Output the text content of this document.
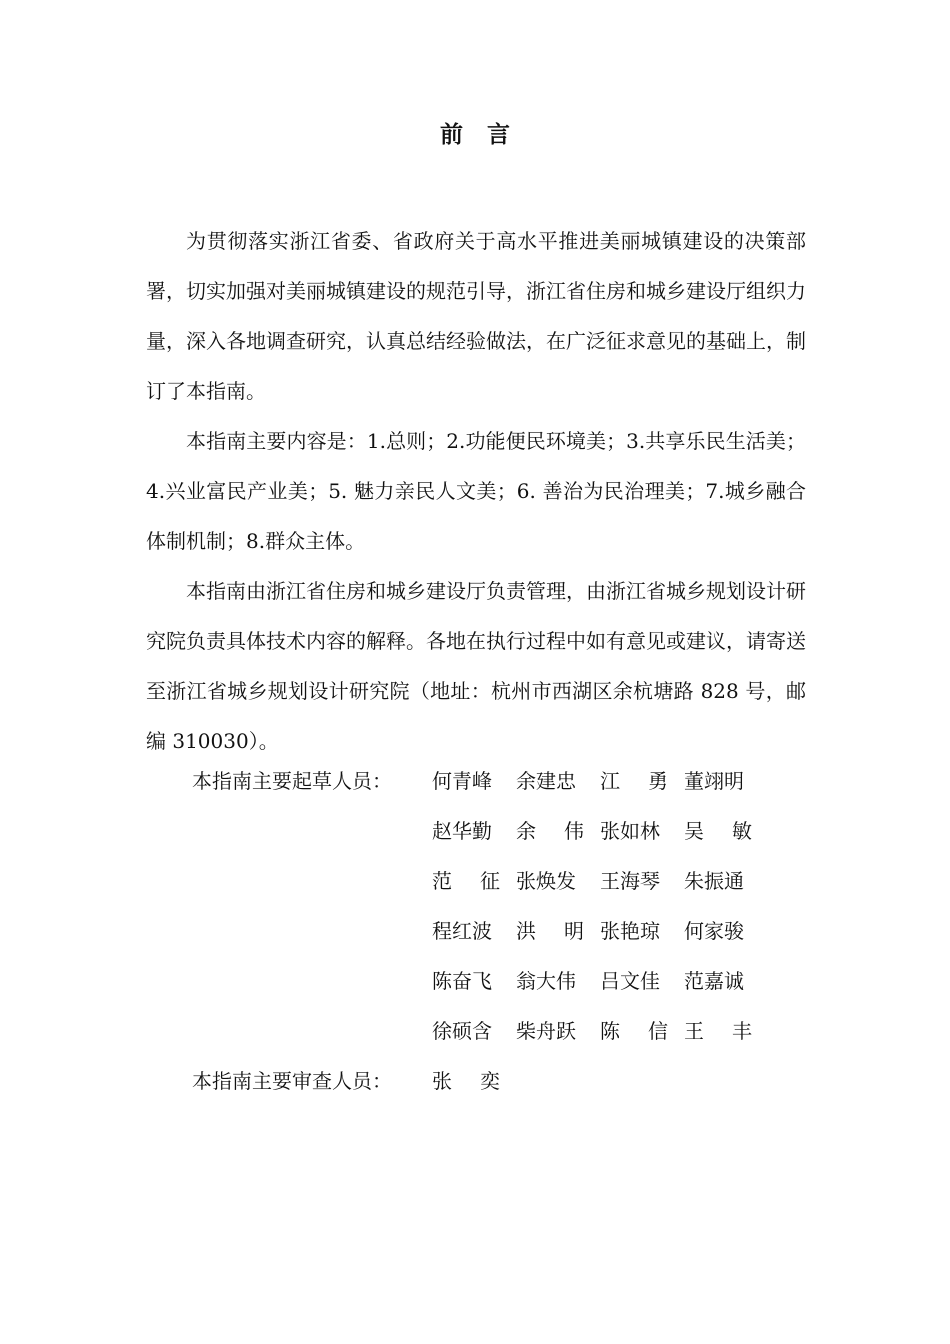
前言

为贯彻落实浙江省委、省政府关于高水平推进美丽城镇建设的决策部署，切实加强对美丽城镇建设的规范引导，浙江省住房和城乡建设厅组织力量，深入各地调查研究，认真总结经验做法，在广泛征求意见的基础上，制订了本指南。

本指南主要内容是：1.总则；2.功能便民环境美；3.共享乐民生活美；4.兴业富民产业美；5. 魅力亲民人文美；6. 善治为民治理美；7.城乡融合体制机制；8.群众主体。

本指南由浙江省住房和城乡建设厅负责管理，由浙江省城乡规划设计研究院负责具体技术内容的解释。各地在执行过程中如有意见或建议，请寄送至浙江省城乡规划设计研究院（地址：杭州市西湖区余杭塘路 828 号，邮编 310030）。

本指南主要起草人员： 何青峰 余建忠 江勇董翊明
赵华勤 余伟张如林 吴敏
范征张焕发 王海琴 朱振通
程红波 洪明张艳琼 何家骏
陈奋飞 翁大伟 吕文佳 范嘉诚
徐硕含 柴舟跃 陈信王丰
本指南主要审查人员： 张奕
